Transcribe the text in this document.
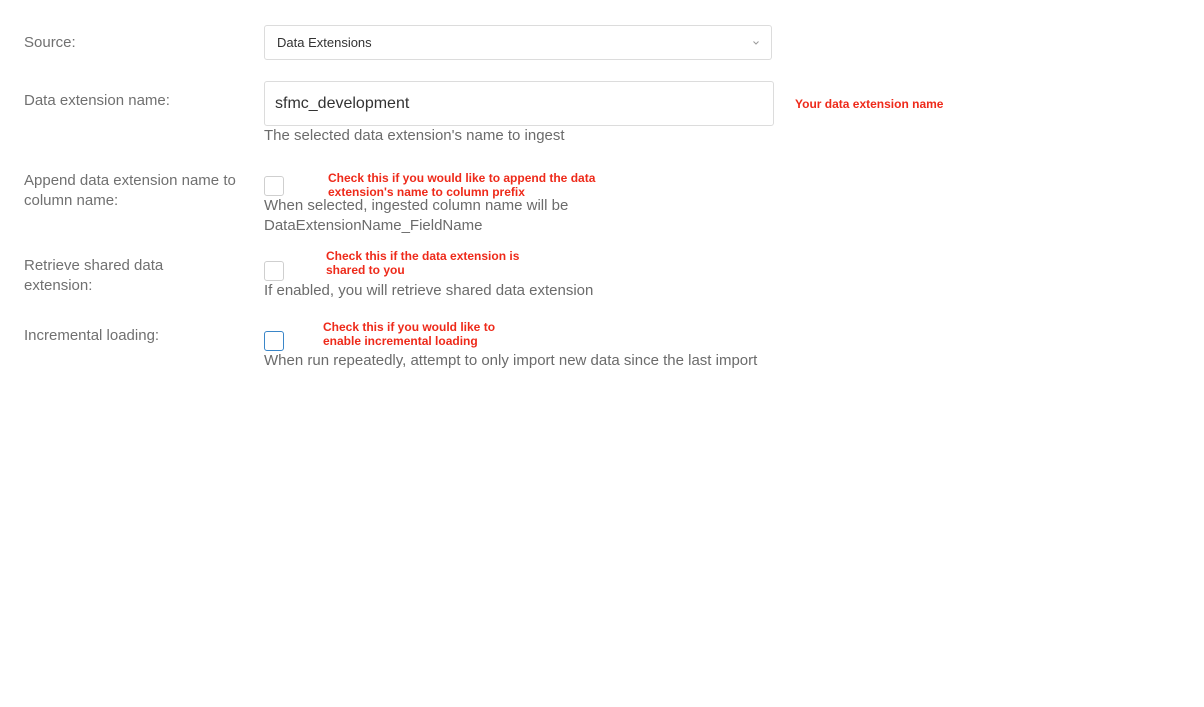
Source:	Data Extensions
Data extension name:	sfmc_development	Your data extension name
The selected data extension's name to ingest
Append data extension name to column name:
Check this if you would like to append the data extension's name to column prefix
When selected, ingested column name will be DataExtensionName_FieldName
Retrieve shared data extension:
Check this if the data extension is shared to you
If enabled, you will retrieve shared data extension
Incremental loading:	Check this if you would like to enable incremental loading
When run repeatedly, attempt to only import new data since the last import
